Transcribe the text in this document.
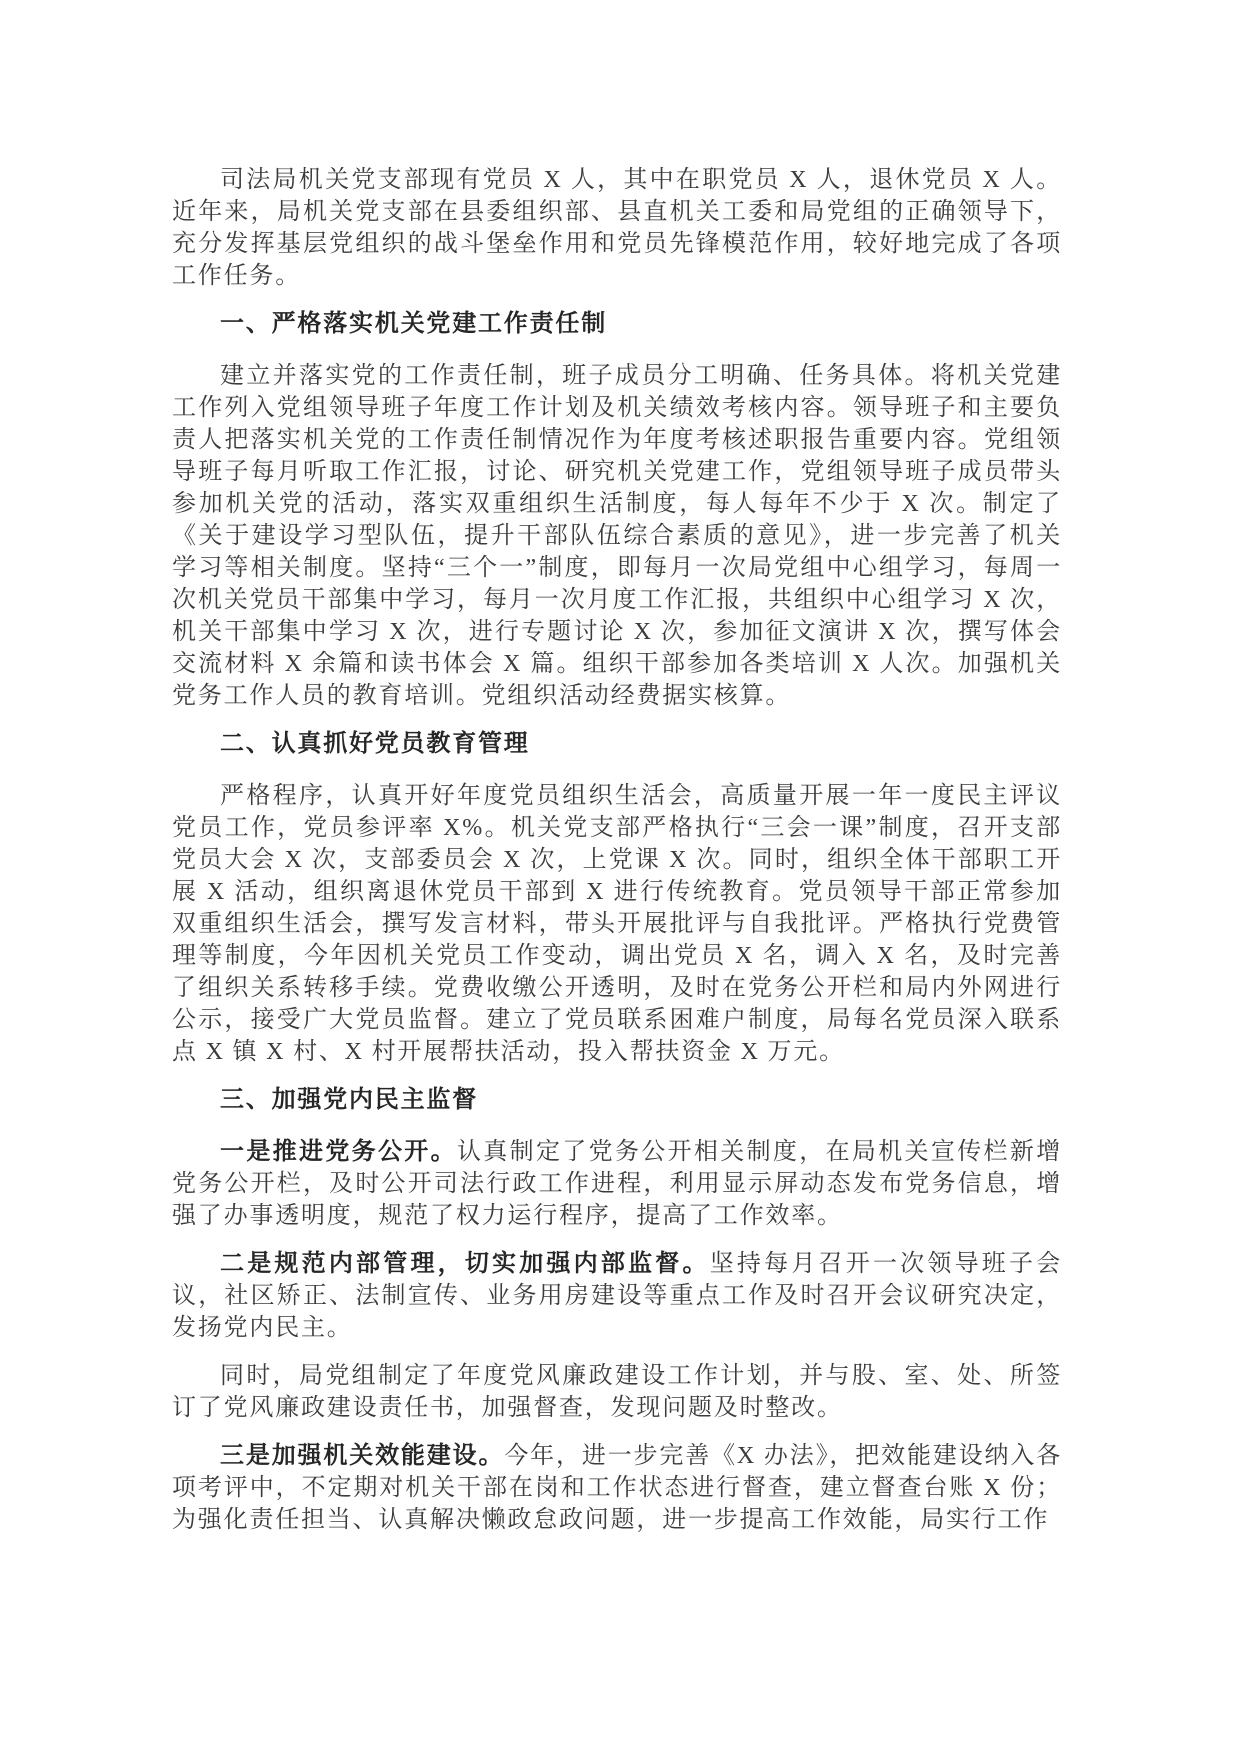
司法局机关党支部现有党员 X 人，其中在职党员 X 人，退休党员 X 人。近年来，局机关党支部在县委组织部、县直机关工委和局党组的正确领导下，充分发挥基层党组织的战斗堡垒作用和党员先锋模范作用，较好地完成了各项工作任务。

一、严格落实机关党建工作责任制

建立并落实党的工作责任制，班子成员分工明确、任务具体。将机关党建工作列入党组领导班子年度工作计划及机关绩效考核内容。领导班子和主要负责人把落实机关党的工作责任制情况作为年度考核述职报告重要内容。党组领导班子每月听取工作汇报，讨论、研究机关党建工作，党组领导班子成员带头参加机关党的活动，落实双重组织生活制度，每人每年不少于 X 次。制定了《关于建设学习型队伍，提升干部队伍综合素质的意见》，进一步完善了机关学习等相关制度。坚持“三个一”制度，即每月一次局党组中心组学习，每周一次机关党员干部集中学习，每月一次月度工作汇报，共组织中心组学习 X 次，机关干部集中学习 X 次，进行专题讨论 X 次，参加征文演讲 X 次，撰写体会交流材料 X 余篇和读书体会 X 篇。组织干部参加各类培训 X 人次。加强机关党务工作人员的教育培训。党组织活动经费据实核算。

二、认真抓好党员教育管理

严格程序，认真开好年度党员组织生活会，高质量开展一年一度民主评议党员工作，党员参评率 X%。机关党支部严格执行“三会一课”制度，召开支部党员大会 X 次，支部委员会 X 次，上党课 X 次。同时，组织全体干部职工开展 X 活动，组织离退休党员干部到 X 进行传统教育。党员领导干部正常参加双重组织生活会，撰写发言材料，带头开展批评与自我批评。严格执行党费管理等制度，今年因机关党员工作变动，调出党员 X 名，调入 X 名，及时完善了组织关系转移手续。党费收缴公开透明，及时在党务公开栏和局内外网进行公示，接受广大党员监督。建立了党员联系困难户制度，局每名党员深入联系点 X 镇 X 村、X 村开展帮扶活动，投入帮扶资金 X 万元。

三、加强党内民主监督

一是推进党务公开。认真制定了党务公开相关制度，在局机关宣传栏新增党务公开栏，及时公开司法行政工作进程，利用显示屏动态发布党务信息，增强了办事透明度，规范了权力运行程序，提高了工作效率。

二是规范内部管理，切实加强内部监督。坚持每月召开一次领导班子会议，社区矫正、法制宣传、业务用房建设等重点工作及时召开会议研究决定，发扬党内民主。

同时，局党组制定了年度党风廉政建设工作计划，并与股、室、处、所签订了党风廉政建设责任书，加强督查，发现问题及时整改。

三是加强机关效能建设。今年，进一步完善《X 办法》，把效能建设纳入各项考评中，不定期对机关干部在岗和工作状态进行督查，建立督查台账 X 份；为强化责任担当、认真解决懒政怠政问题，进一步提高工作效能，局实行工作
